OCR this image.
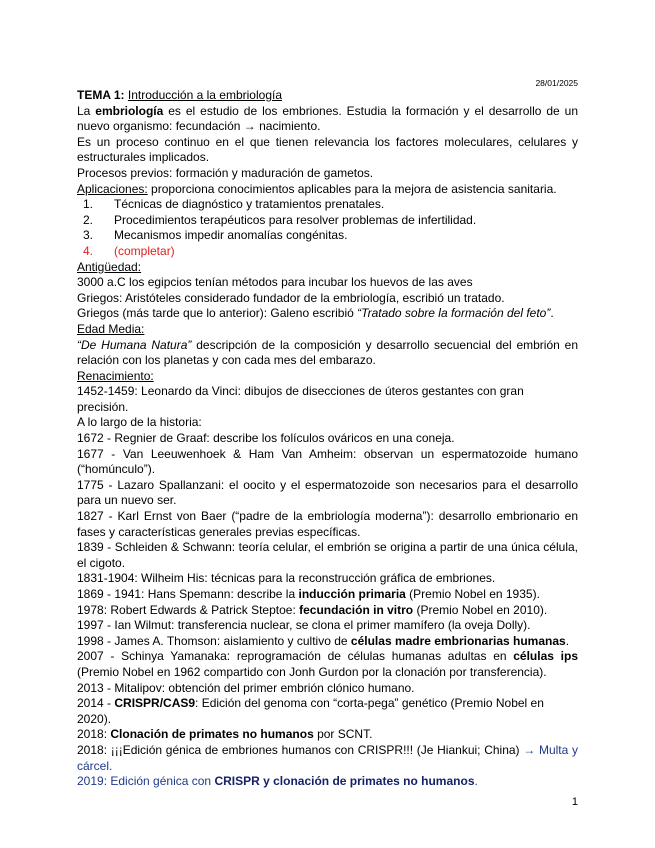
28/01/2025

TEMA 1: Introducción a la embriología

La embriología es el estudio de los embriones. Estudia la formación y el desarrollo de un nuevo organismo: fecundación → nacimiento.

Es un proceso continuo en el que tienen relevancia los factores moleculares, celulares y estructurales implicados.

Procesos previos: formación y maduración de gametos.

Aplicaciones: proporciona conocimientos aplicables para la mejora de asistencia sanitaria.

1. Técnicas de diagnóstico y tratamientos prenatales.
2. Procedimientos terapéuticos para resolver problemas de infertilidad.
3. Mecanismos impedir anomalías congénitas.
4. (completar)

Antigüedad:

3000 a.C los egipcios tenían métodos para incubar los huevos de las aves

Griegos: Aristóteles considerado fundador de la embriología, escribió un tratado.

Griegos (más tarde que lo anterior): Galeno escribió “Tratado sobre la formación del feto”.

Edad Media:

“De Humana Natura” descripción de la composición y desarrollo secuencial del embrión en relación con los planetas y con cada mes del embarazo.

Renacimiento:

1452-1459: Leonardo da Vinci: dibujos de disecciones de úteros gestantes con gran precisión.

A lo largo de la historia:

1672 - Regnier de Graaf: describe los folículos ováricos en una coneja.

1677 - Van Leeuwenhoek & Ham Van Amheim: observan un espermatozoide humano (“homúnculo”).

1775 - Lazaro Spallanzani: el oocito y el espermatozoide son necesarios para el desarrollo para un nuevo ser.

1827 - Karl Ernst von Baer (“padre de la embriología moderna”): desarrollo embrionario en fases y características generales previas específicas.

1839 - Schleiden & Schwann: teoría celular, el embrión se origina a partir de una única célula, el cigoto.

1831-1904: Wilheim His: técnicas para la reconstrucción gráfica de embriones.

1869 - 1941: Hans Spemann: describe la inducción primaria (Premio Nobel en 1935).

1978: Robert Edwards & Patrick Steptoe: fecundación in vitro (Premio Nobel en 2010).

1997 - Ian Wilmut: transferencia nuclear, se clona el primer mamífero (la oveja Dolly).

1998 - James A. Thomson: aislamiento y cultivo de células madre embrionarias humanas.

2007 - Schinya Yamanaka: reprogramación de células humanas adultas en células ips (Premio Nobel en 1962 compartido con Jonh Gurdon por la clonación por transferencia).

2013 - Mitalipov: obtención del primer embrión clónico humano.

2014 - CRISPR/CAS9: Edición del genoma con “corta-pega” genético (Premio Nobel en 2020).

2018: Clonación de primates no humanos por SCNT.

2018: ¡¡¡Edición génica de embriones humanos con CRISPR!!! (Je Hiankui; China) → Multa y cárcel.

2019: Edición génica con CRISPR y clonación de primates no humanos.

1
